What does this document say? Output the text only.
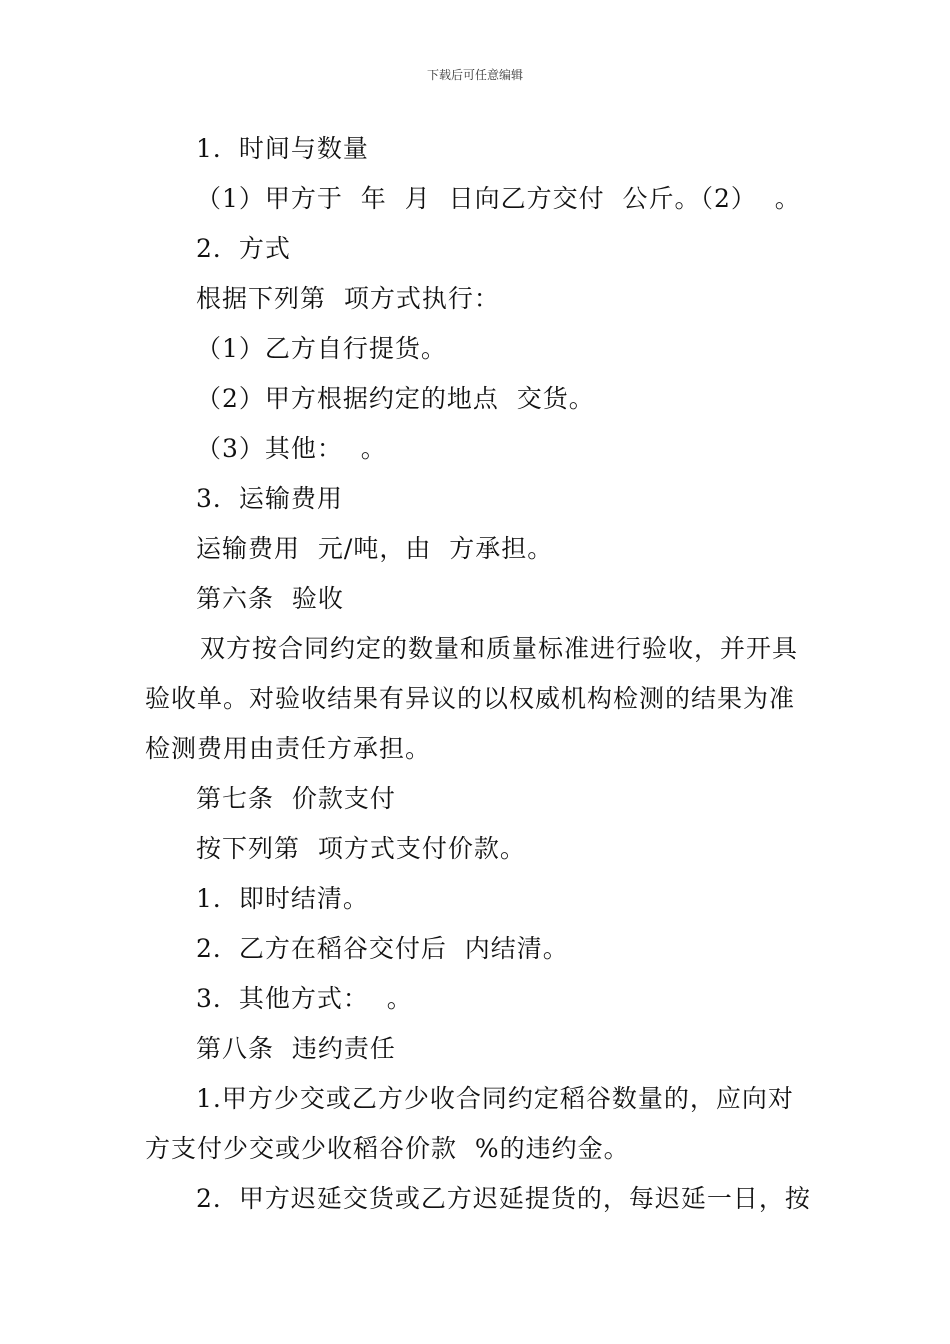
下载后可任意编辑
1．时间与数量
（1）甲方于  年  月  日向乙方交付  公斤。（2）  。
2．方式
根据下列第  项方式执行：
（1）乙方自行提货。
（2）甲方根据约定的地点  交货。
（3）其他：  。
3．运输费用
运输费用  元/吨，由  方承担。
第六条  验收
双方按合同约定的数量和质量标准进行验收，并开具
验收单。对验收结果有异议的以权威机构检测的结果为准
检测费用由责任方承担。
第七条  价款支付
按下列第  项方式支付价款。
1．即时结清。
2．乙方在稻谷交付后  内结清。
3．其他方式：  。
第八条  违约责任
1.甲方少交或乙方少收合同约定稻谷数量的，应向对
方支付少交或少收稻谷价款  %的违约金。
2．甲方迟延交货或乙方迟延提货的，每迟延一日，按
